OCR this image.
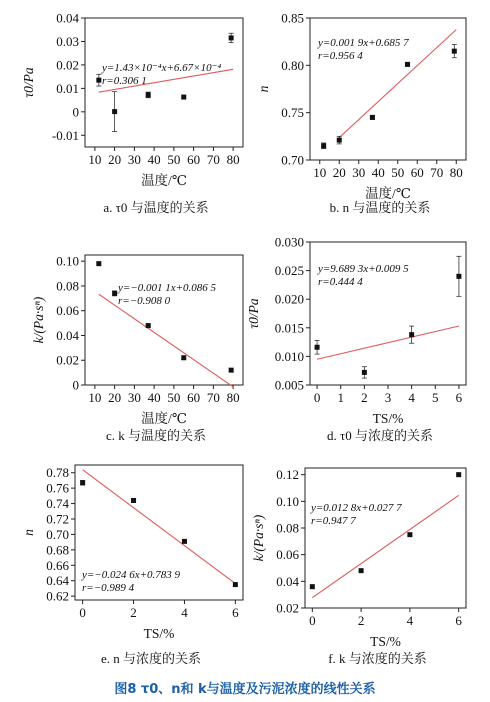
-0.01
0
0.01
0.02
0.03
0.04
10 20 30 40 50 60 70 80
温度/℃
τ0/Pa	y=1.43×10⁻⁴x+6.67×10⁻⁴
r=0.306 1
a. τ0 与温度的关系
0.70
0.75
0.80
0.85
10 20 30 40 50 60 70 80
温度/℃
n
y=0.001 9x+0.685 7
r=0.956 4
b. n 与温度的关系
0
0.02
0.04
0.06
0.08
0.10
10 20 30 40 50 60 70 80
温度/℃
k/(Pa·sⁿ)
y=−0.001 1x+0.086 5
r=−0.908 0
c. k 与温度的关系
0.005
0.010
0.015
0.020
0.025
0.030
0 1 2 3 4 5 6
TS/%
τ0/Pa
y=9.689 3x+0.009 5
r=0.444 4
d. τ0 与浓度的关系
0.62
0.64
0.66
0.68
0.70
0.72
0.74
0.76
0.78
0	2	4	6
TS/%
n
y=−0.024 6x+0.783 9
r=−0.989 4
e. n 与浓度的关系
0.02
0.04
0.06
0.08
0.10
0.12
0	2	4	6
TS/%
k/(Pa·sⁿ)
y=0.012 8x+0.027 7
r=0.947 7
f. k 与浓度的关系
图8 τ0、n和 k与温度及污泥浓度的线性关系
